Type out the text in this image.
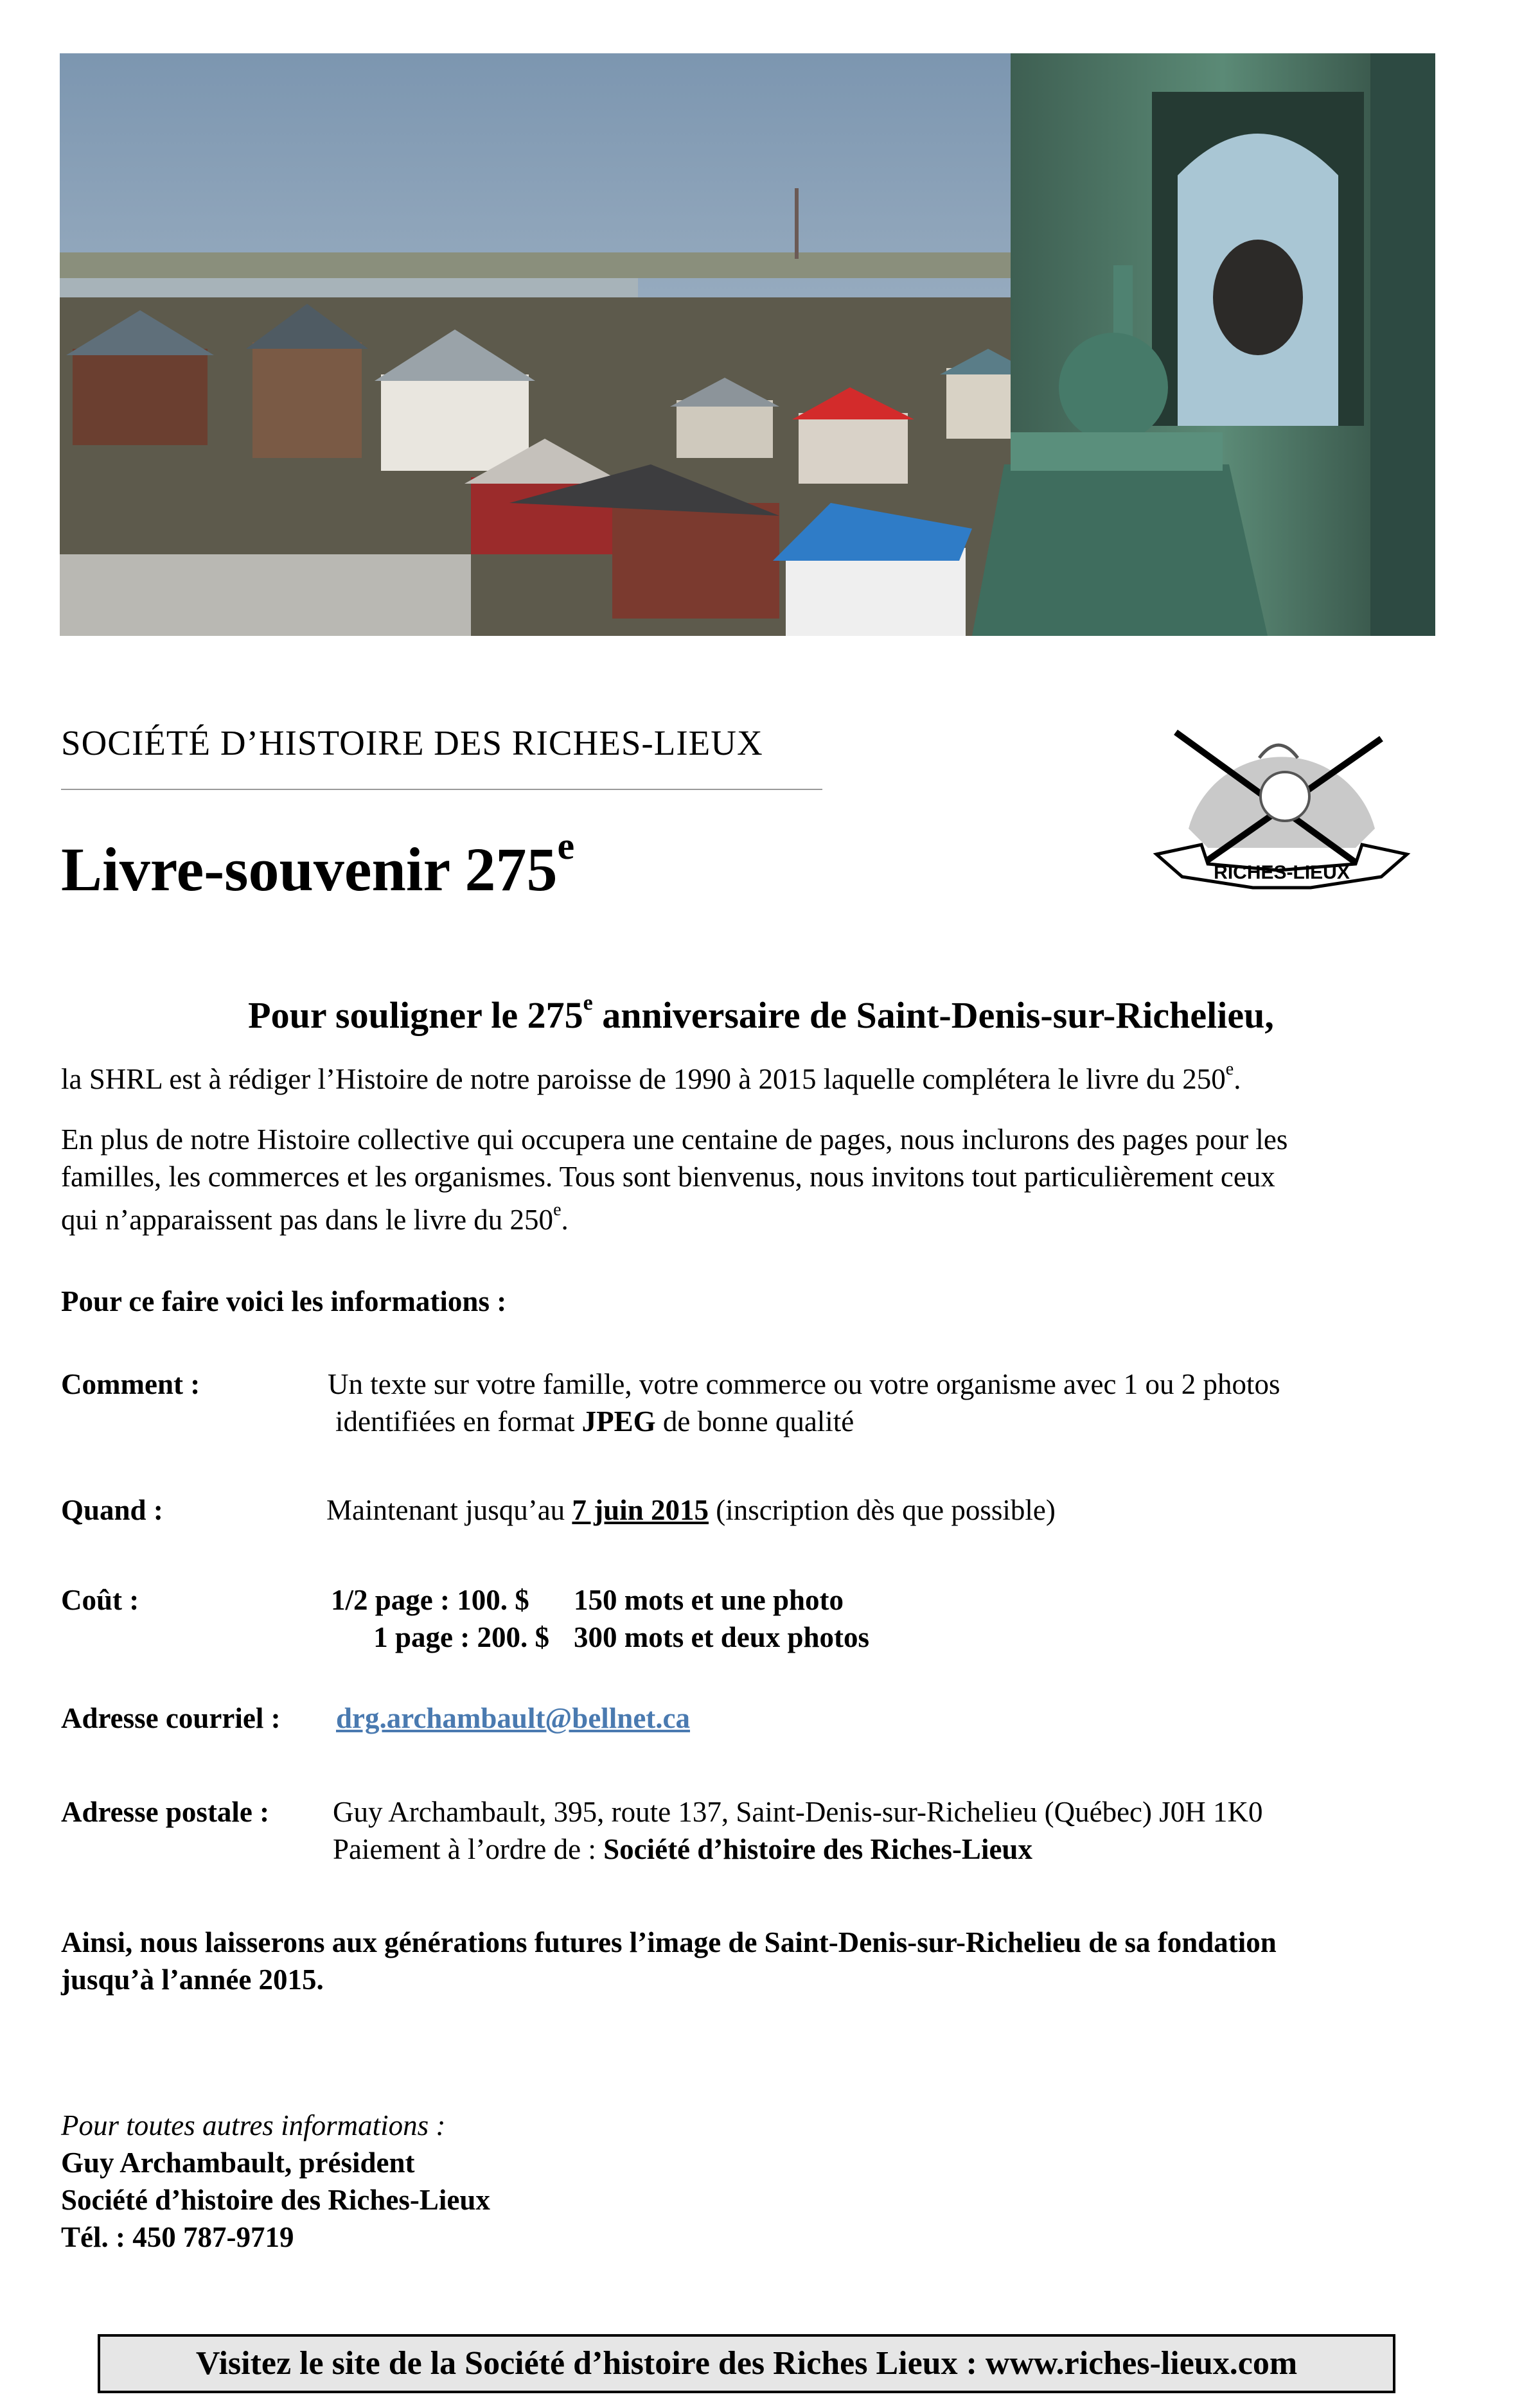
SOCIÉTÉ D’HISTOIRE DES RICHES-LIEUX
Livre-souvenir 275e
RICHES-LIEUX
Pour souligner le 275e anniversaire de Saint-Denis-sur-Richelieu,
la SHRL est à rédiger l’Histoire de notre paroisse de 1990 à 2015 laquelle complétera le livre du 250e.
En plus de notre Histoire collective qui occupera une centaine de pages, nous inclurons des pages pour les
familles, les commerces et les organismes. Tous sont bienvenus, nous invitons tout particulièrement ceux
qui n’apparaissent pas dans le livre du 250e.
Pour ce faire voici les informations :
Comment :	Un texte sur votre famille, votre commerce ou votre organisme avec 1 ou 2 photos
identifiées en format JPEG de bonne qualité
Quand :	Maintenant jusqu’au 7 juin 2015 (inscription dès que possible)
Coût :	1/2 page : 100. $ 150 mots et une photo
1 page : 200. $ 300 mots et deux photos
Adresse courriel : drg.archambault@bellnet.ca
Adresse postale : Guy Archambault, 395, route 137, Saint-Denis-sur-Richelieu (Québec) J0H 1K0
Paiement à l’ordre de : Société d’histoire des Riches-Lieux
Ainsi, nous laisserons aux générations futures l’image de Saint-Denis-sur-Richelieu de sa fondation
jusqu’à l’année 2015.
Pour toutes autres informations :
Guy Archambault, président
Société d’histoire des Riches-Lieux
Tél. : 450 787-9719
Visitez le site de la Société d’histoire des Riches Lieux : www.riches-lieux.com
